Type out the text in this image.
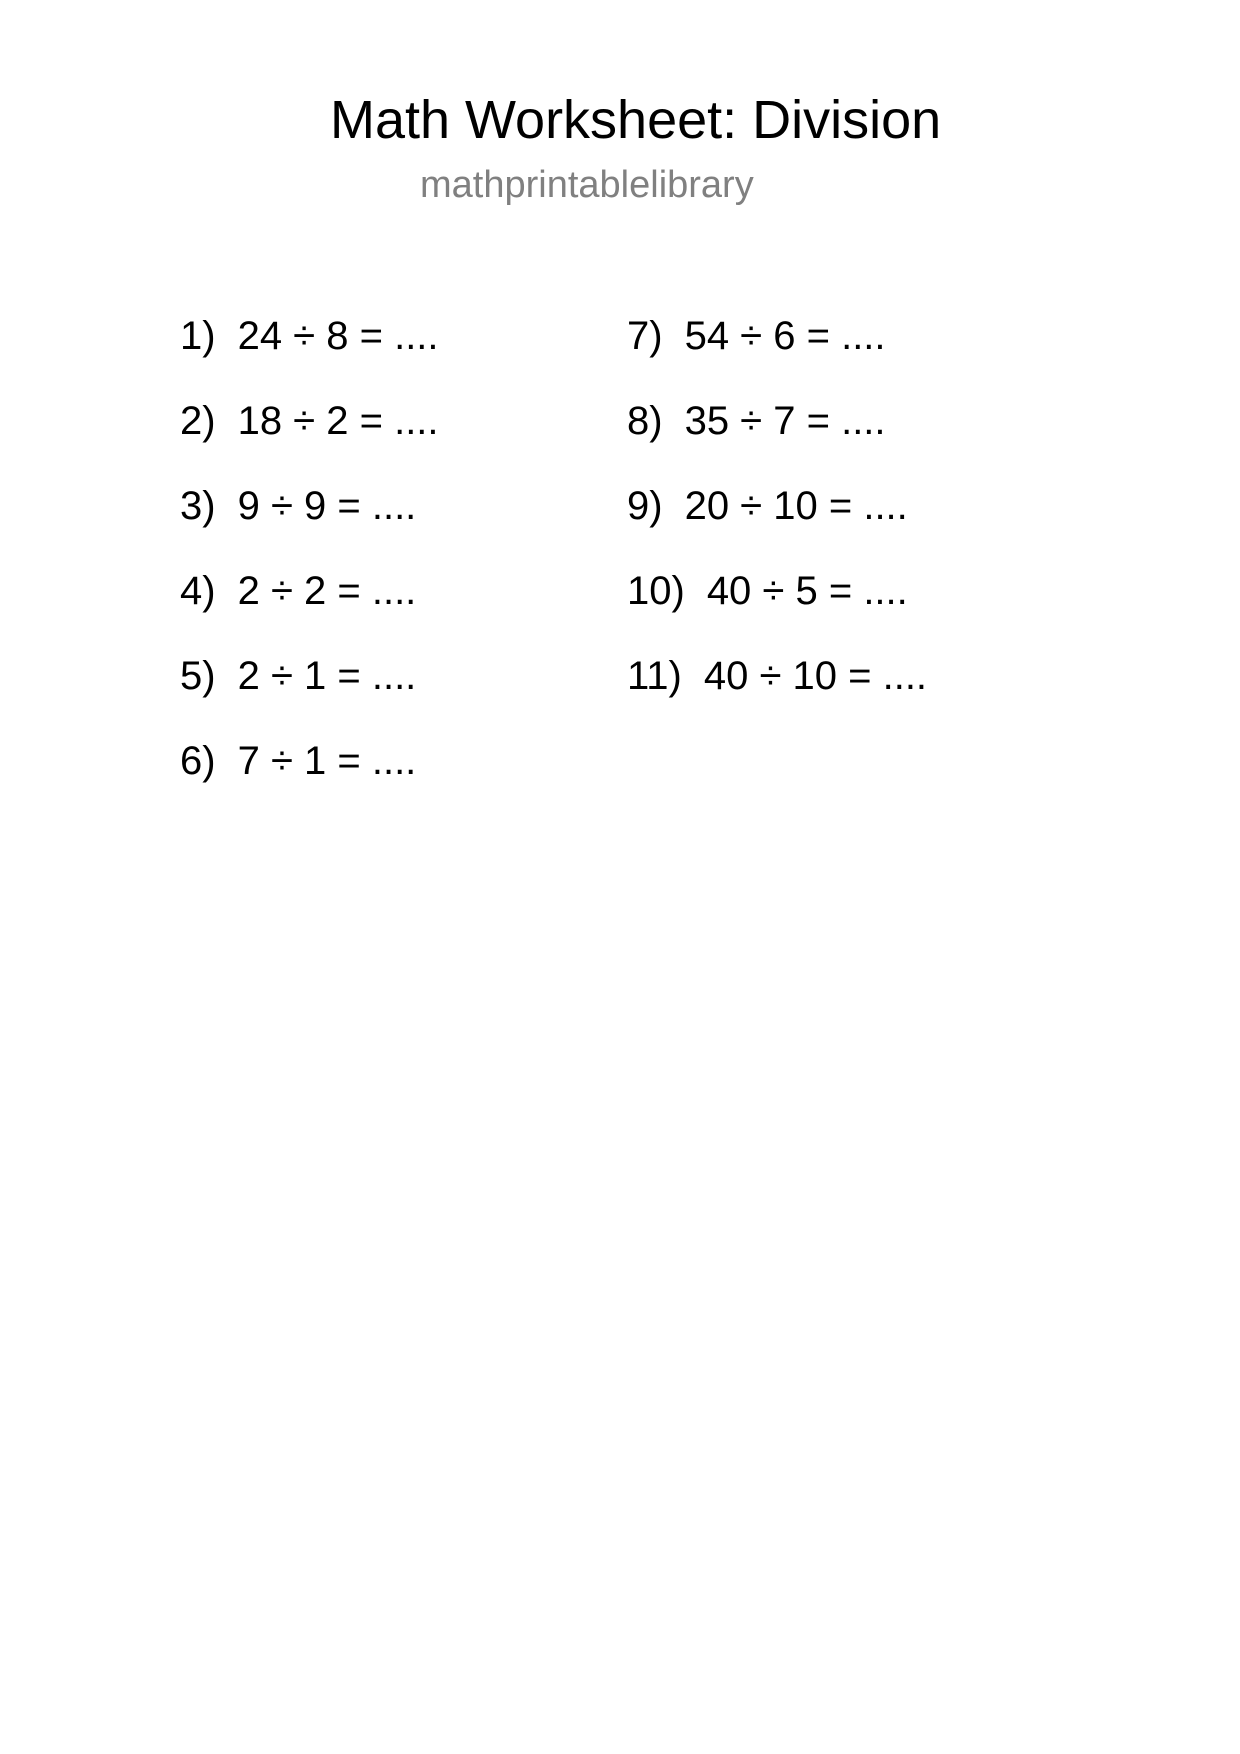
Math Worksheet: Division
mathprintablelibrary
1) 24 ÷ 8 = ....
2) 18 ÷ 2 = ....
3) 9 ÷ 9 = ....
4) 2 ÷ 2 = ....
5) 2 ÷ 1 = ....
6) 7 ÷ 1 = ....
7) 54 ÷ 6 = ....
8) 35 ÷ 7 = ....
9) 20 ÷ 10 = ....
10) 40 ÷ 5 = ....
11) 40 ÷ 10 = ....
